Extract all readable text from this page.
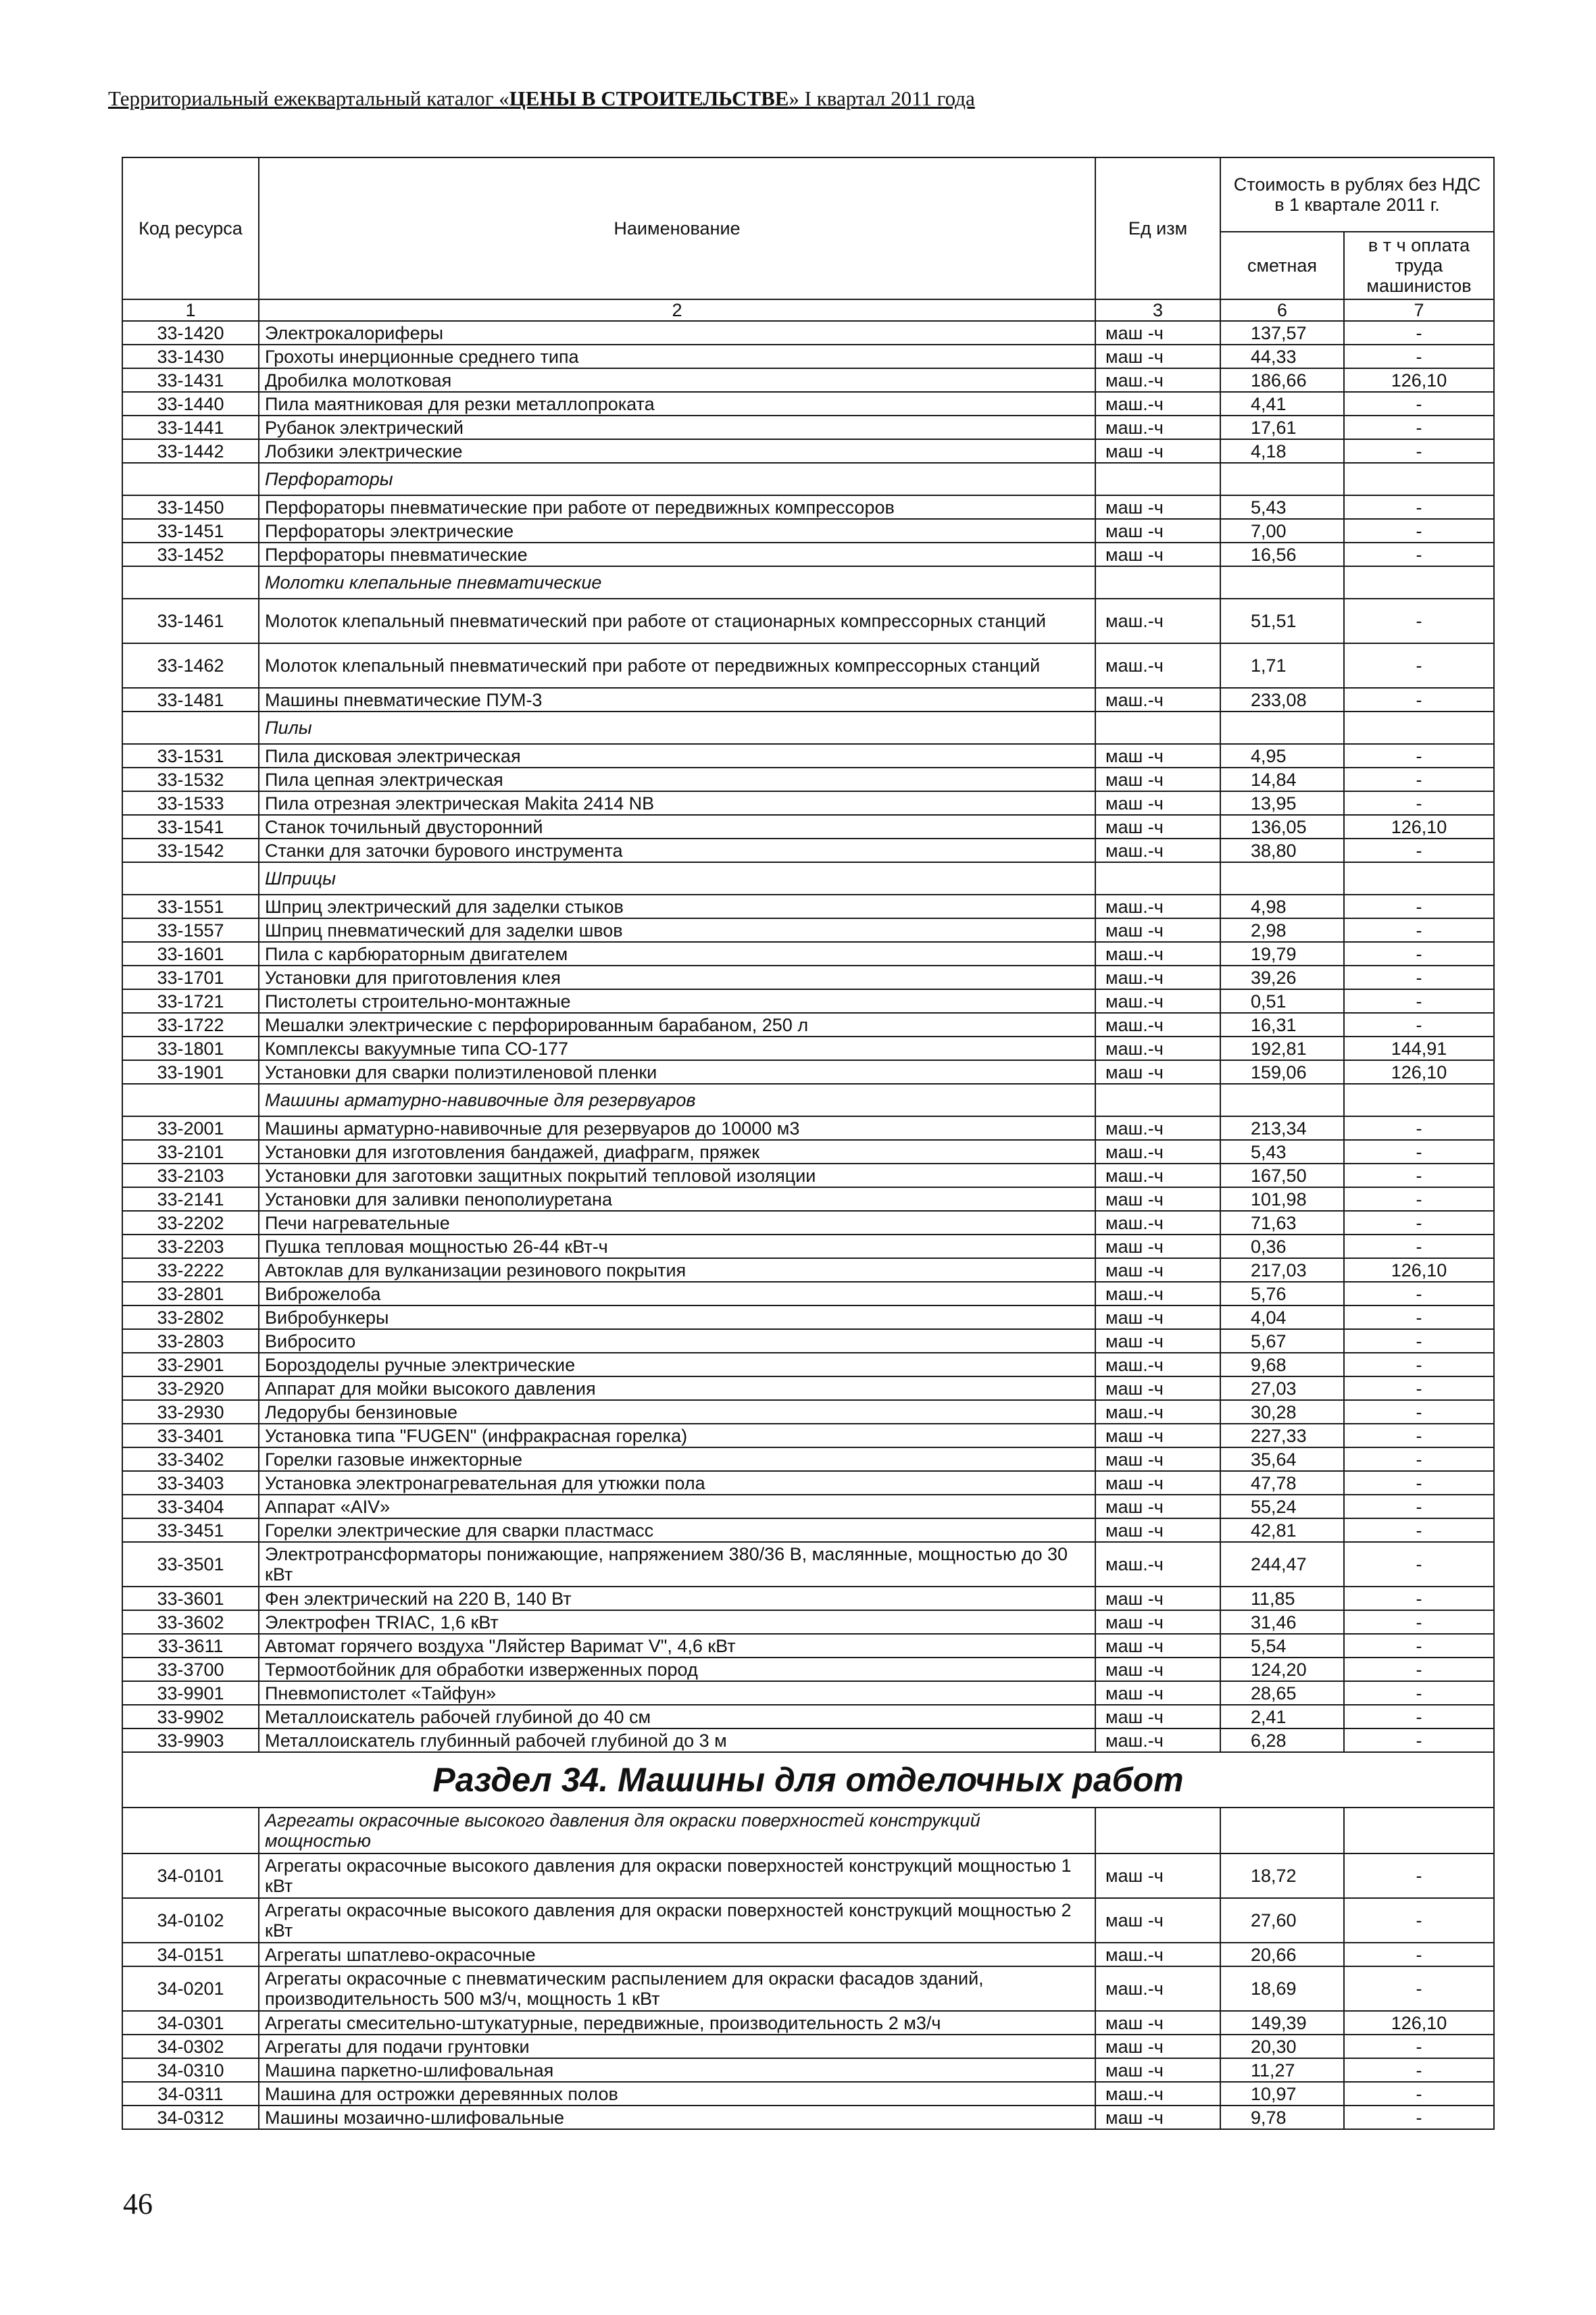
Территориальный ежеквартальный каталог «ЦЕНЫ В СТРОИТЕЛЬСТВЕ» I квартал 2011 года
Код ресурса	Наименование	Ед изм	Стоимость в рублях без НДС в 1 квартале 2011 г.	
			сметная	в т ч оплата труда машинистов
1	2	3	6	7
33-1420	Электрокалориферы	маш -ч	137,57	-
33-1430	Грохоты инерционные среднего типа	маш -ч	44,33	-
33-1431	Дробилка молотковая	маш.-ч	186,66	126,10
33-1440	Пила маятниковая для резки металлопроката	маш.-ч	4,41	-
33-1441	Рубанок электрический	маш.-ч	17,61	-
33-1442	Лобзики электрические	маш -ч	4,18	-
	Перфораторы			
33-1450	Перфораторы пневматические при работе от передвижных компрессоров	маш -ч	5,43	-
33-1451	Перфораторы электрические	маш -ч	7,00	-
33-1452	Перфораторы пневматические	маш -ч	16,56	-
	Молотки клепальные пневматические			
33-1461	Молоток клепальный пневматический при работе от стационарных компрессорных станций	маш.-ч	51,51	-
33-1462	Молоток клепальный пневматический при работе от передвижных компрессорных станций	маш.-ч	1,71	-
33-1481	Машины пневматические ПУМ-3	маш.-ч	233,08	-
	Пилы			
33-1531	Пила дисковая электрическая	маш -ч	4,95	-
33-1532	Пила цепная электрическая	маш -ч	14,84	-
33-1533	Пила отрезная электрическая Makita 2414 NB	маш -ч	13,95	-
33-1541	Станок точильный двусторонний	маш -ч	136,05	126,10
33-1542	Станки для заточки бурового инструмента	маш.-ч	38,80	-
	Шприцы			
33-1551	Шприц электрический для заделки стыков	маш.-ч	4,98	-
33-1557	Шприц пневматический для заделки швов	маш -ч	2,98	-
33-1601	Пила с карбюраторным двигателем	маш.-ч	19,79	-
33-1701	Установки для приготовления клея	маш.-ч	39,26	-
33-1721	Пистолеты строительно-монтажные	маш.-ч	0,51	-
33-1722	Мешалки электрические с перфорированным барабаном, 250 л	маш.-ч	16,31	-
33-1801	Комплексы вакуумные типа СО-177	маш.-ч	192,81	144,91
33-1901	Установки для сварки полиэтиленовой пленки	маш -ч	159,06	126,10
	Машины арматурно-навивочные для резервуаров			
33-2001	Машины арматурно-навивочные для резервуаров до 10000 м3	маш.-ч	213,34	-
33-2101	Установки для изготовления бандажей, диафрагм, пряжек	маш.-ч	5,43	-
33-2103	Установки для заготовки защитных покрытий тепловой изоляции	маш.-ч	167,50	-
33-2141	Установки для заливки пенополиуретана	маш -ч	101,98	-
33-2202	Печи нагревательные	маш.-ч	71,63	-
33-2203	Пушка тепловая мощностью 26-44 кВт-ч	маш -ч	0,36	-
33-2222	Автоклав для вулканизации резинового покрытия	маш -ч	217,03	126,10
33-2801	Виброжелоба	маш.-ч	5,76	-
33-2802	Вибробункеры	маш -ч	4,04	-
33-2803	Вибросито	маш -ч	5,67	-
33-2901	Бороздоделы ручные электрические	маш.-ч	9,68	-
33-2920	Аппарат для мойки высокого давления	маш -ч	27,03	-
33-2930	Ледорубы бензиновые	маш.-ч	30,28	-
33-3401	Установка типа "FUGEN" (инфракрасная горелка)	маш -ч	227,33	-
33-3402	Горелки газовые инжекторные	маш -ч	35,64	-
33-3403	Установка электронагревательная для утюжки пола	маш -ч	47,78	-
33-3404	Аппарат «AIV»	маш -ч	55,24	-
33-3451	Горелки электрические для сварки пластмасс	маш -ч	42,81	-
33-3501	Электротрансформаторы понижающие, напряжением 380/36 В, маслянные, мощностью до 30 кВт	маш.-ч	244,47	-
33-3601	Фен электрический на 220 В, 140 Вт	маш -ч	11,85	-
33-3602	Электрофен TRIAC, 1,6 кВт	маш -ч	31,46	-
33-3611	Автомат горячего воздуха "Ляйстер Варимат V", 4,6 кВт	маш -ч	5,54	-
33-3700	Термоотбойник для обработки изверженных пород	маш -ч	124,20	-
33-9901	Пневмопистолет «Тайфун»	маш -ч	28,65	-
33-9902	Металлоискатель рабочей глубиной до 40 см	маш -ч	2,41	-
33-9903	Металлоискатель глубинный рабочей глубиной до 3 м	маш.-ч	6,28	-
Раздел 34. Машины для отделочных работ				
	Агрегаты окрасочные высокого давления для окраски поверхностей конструкций мощностью			
34-0101	Агрегаты окрасочные высокого давления для окраски поверхностей конструкций мощностью 1 кВт	маш -ч	18,72	-
34-0102	Агрегаты окрасочные высокого давления для окраски поверхностей конструкций мощностью 2 кВт	маш -ч	27,60	-
34-0151	Агрегаты шпатлево-окрасочные	маш.-ч	20,66	-
34-0201	Агрегаты окрасочные с пневматическим распылением для окраски фасадов зданий, производительность 500 м3/ч, мощность 1 кВт	маш.-ч	18,69	-
34-0301	Агрегаты смесительно-штукатурные, передвижные, производительность 2 м3/ч	маш -ч	149,39	126,10
34-0302	Агрегаты для подачи грунтовки	маш -ч	20,30	-
34-0310	Машина паркетно-шлифовальная	маш -ч	11,27	-
34-0311	Машина для острожки деревянных полов	маш.-ч	10,97	-
34-0312	Машины мозаично-шлифовальные	маш -ч	9,78	-
46
